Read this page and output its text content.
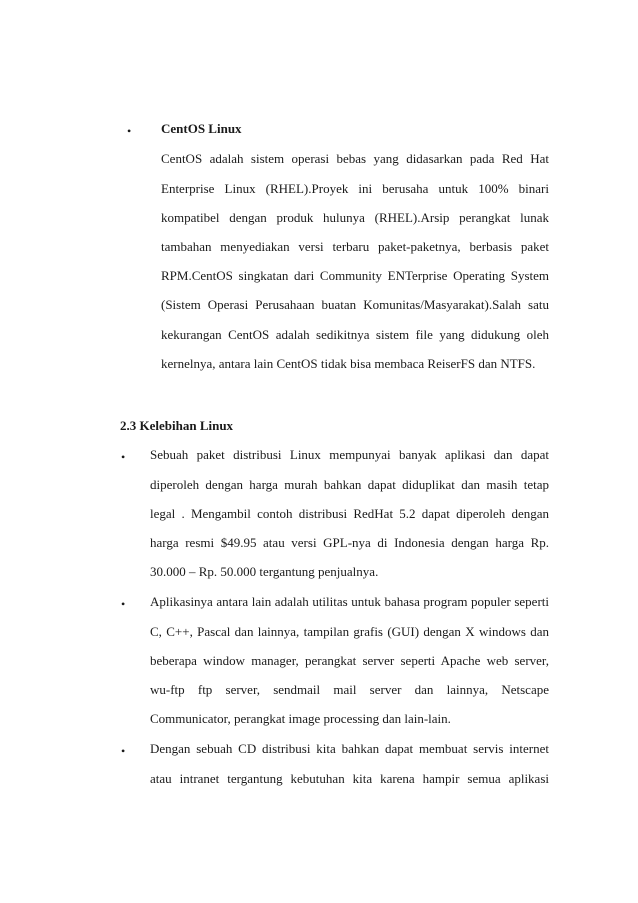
• CentOS Linux
CentOS adalah sistem operasi bebas yang didasarkan pada Red Hat
Enterprise Linux (RHEL).Proyek ini berusaha untuk 100% binari
kompatibel dengan produk hulunya (RHEL).Arsip perangkat lunak
tambahan menyediakan versi terbaru paket-paketnya, berbasis paket
RPM.CentOS singkatan dari Community ENTerprise Operating System
(Sistem Operasi Perusahaan buatan Komunitas/Masyarakat).Salah satu
kekurangan CentOS adalah sedikitnya sistem file yang didukung oleh
kernelnya, antara lain CentOS tidak bisa membaca ReiserFS dan NTFS.
2.3 Kelebihan Linux
• Sebuah paket distribusi Linux mempunyai banyak aplikasi dan dapat
diperoleh dengan harga murah bahkan dapat diduplikat dan masih tetap
legal . Mengambil contoh distribusi RedHat 5.2 dapat diperoleh dengan
harga resmi $49.95 atau versi GPL-nya di Indonesia dengan harga Rp.
30.000 – Rp. 50.000 tergantung penjualnya.
• Aplikasinya antara lain adalah utilitas untuk bahasa program populer seperti
C, C++, Pascal dan lainnya, tampilan grafis (GUI) dengan X windows dan
beberapa window manager, perangkat server seperti Apache web server,
wu-ftp ftp server, sendmail mail server dan lainnya, Netscape
Communicator, perangkat image processing dan lain-lain.
• Dengan sebuah CD distribusi kita bahkan dapat membuat servis internet
atau intranet tergantung kebutuhan kita karena hampir semua aplikasi
